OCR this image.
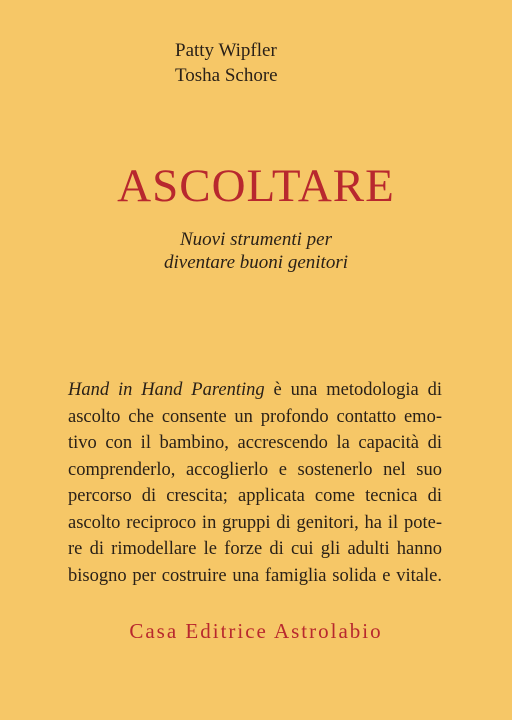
Patty Wipfler
Tosha Schore
ASCOLTARE
Nuovi strumenti per
diventare buoni genitori
Hand in Hand Parenting è una metodologia di
ascolto che consente un profondo contatto emo-
tivo con il bambino, accrescendo la capacità di
comprenderlo, accoglierlo e sostenerlo nel suo
percorso di crescita; applicata come tecnica di
ascolto reciproco in gruppi di genitori, ha il pote-
re di rimodellare le forze di cui gli adulti hanno
bisogno per costruire una famiglia solida e vitale.
Casa Editrice Astrolabio
